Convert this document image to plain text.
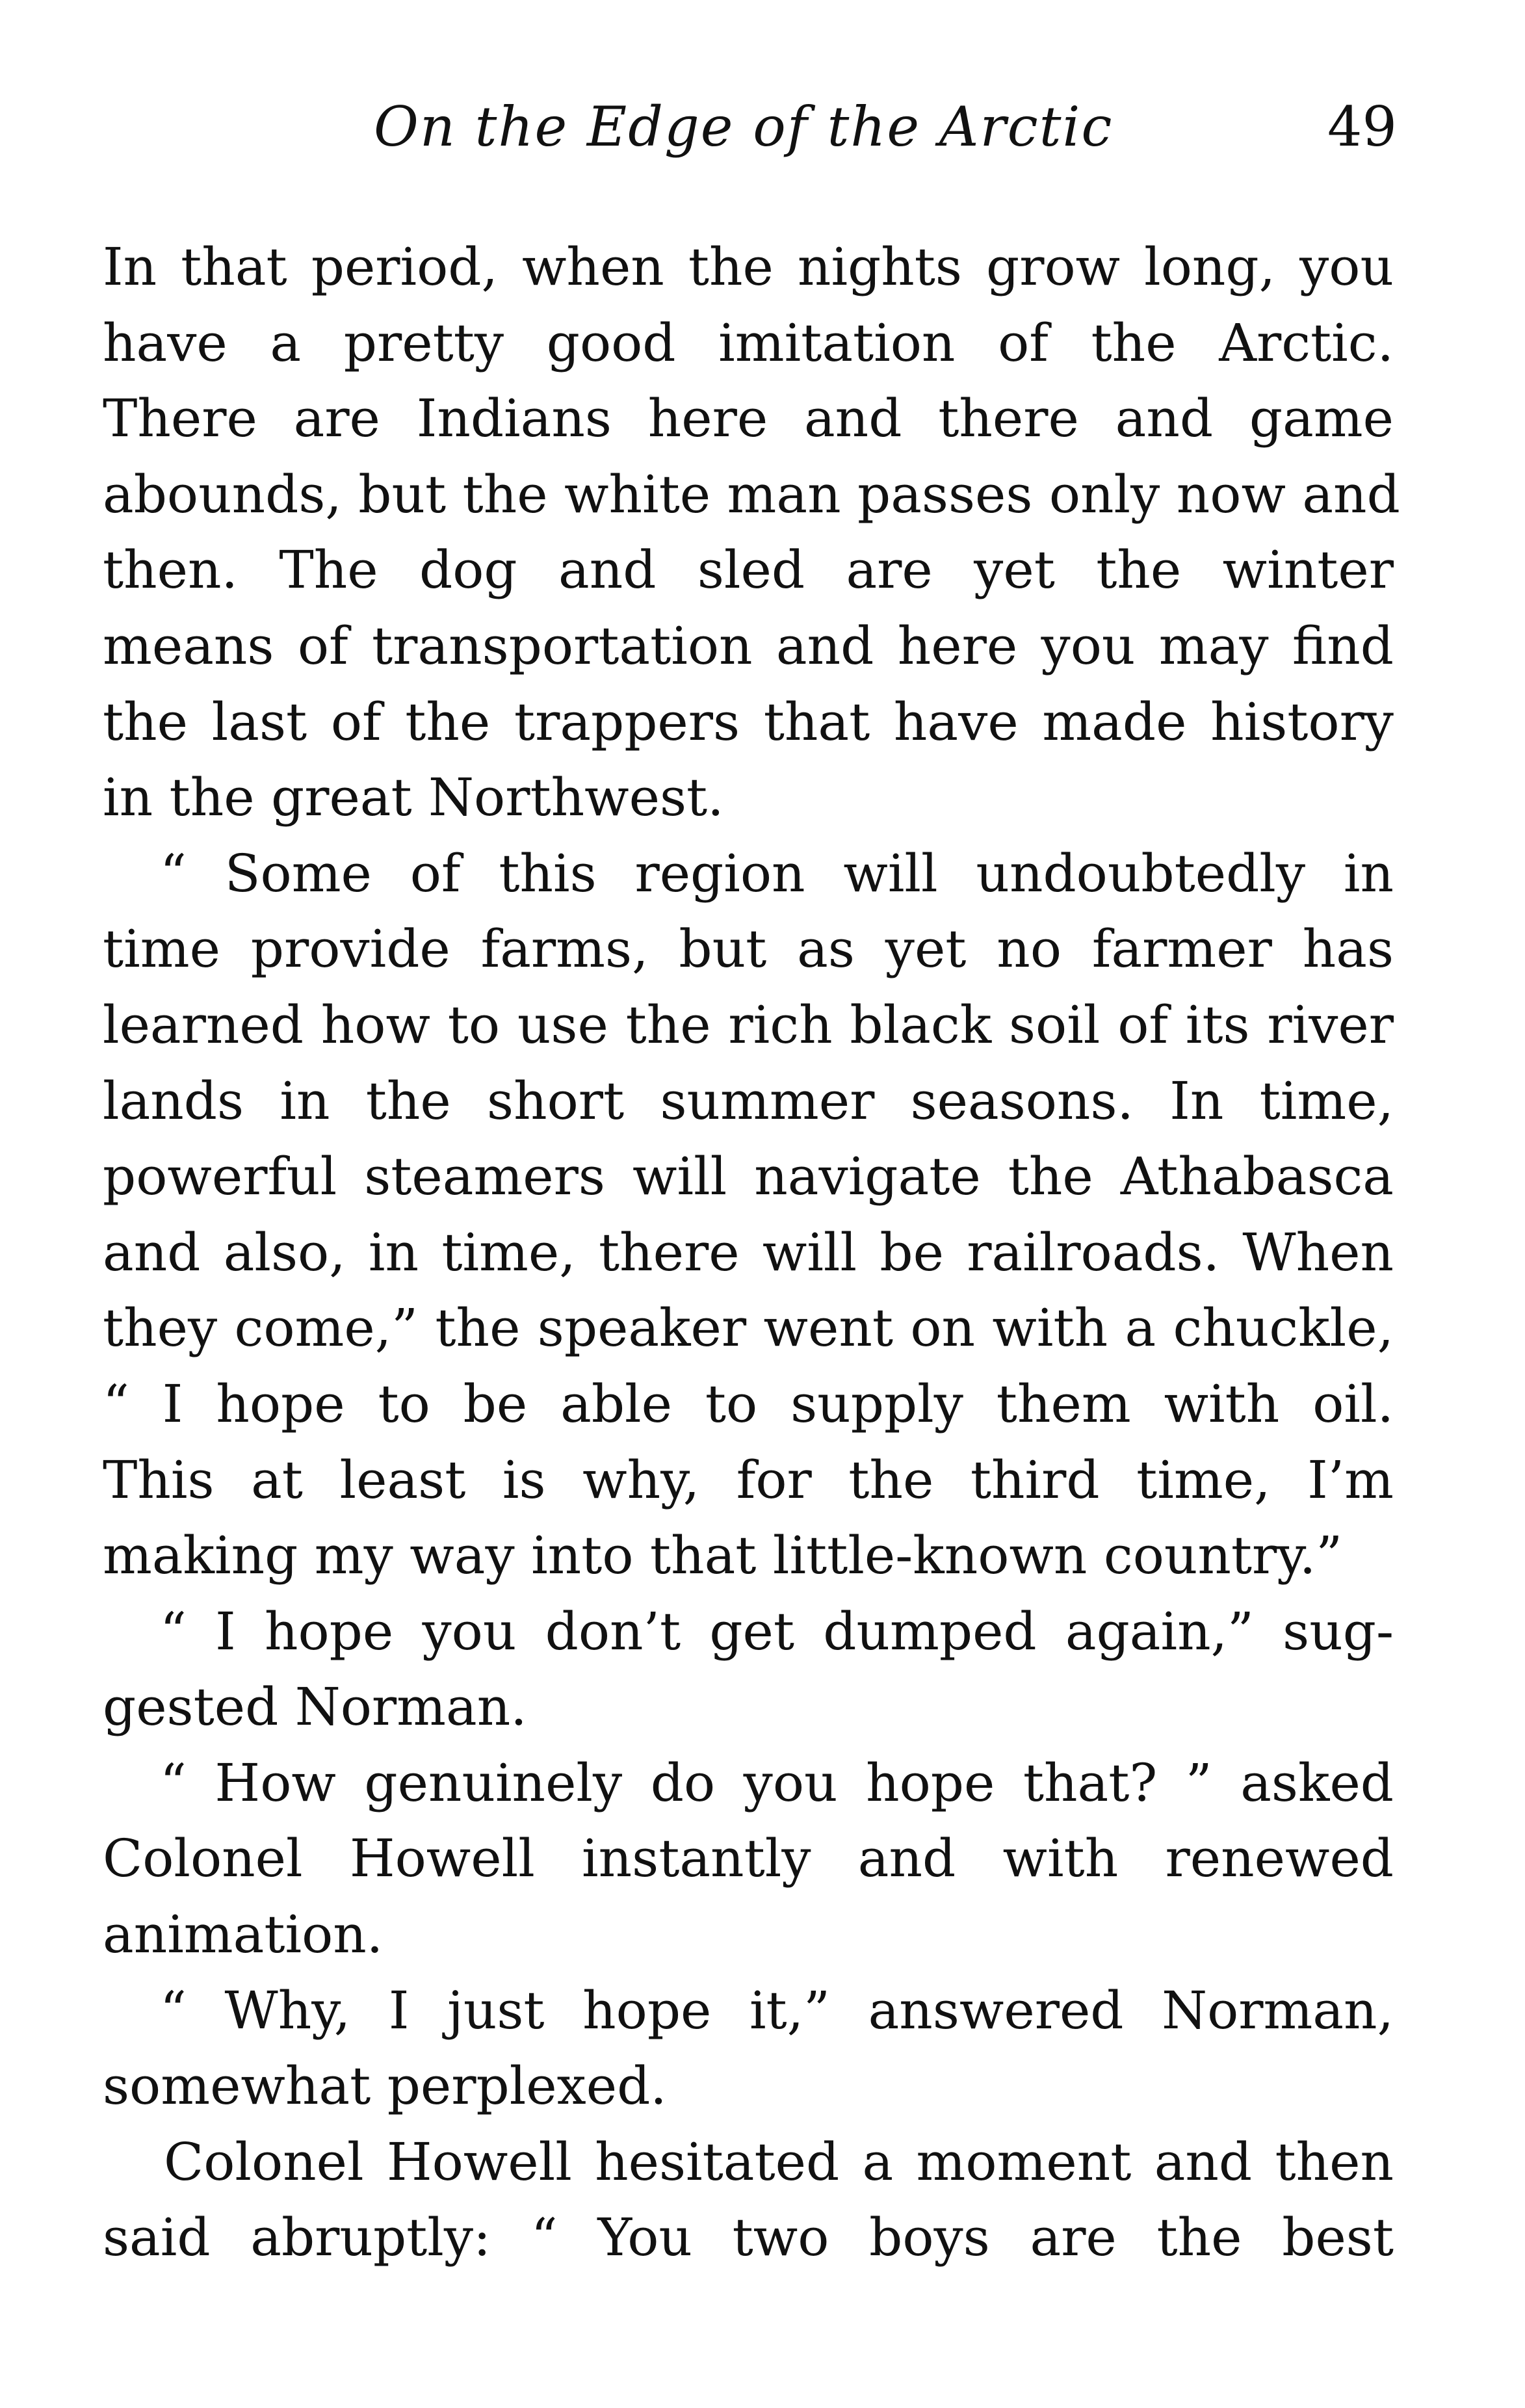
On the Edge of the Arctic	49
In that period, when the nights grow long, you
have a pretty good imitation of the Arctic.
There are Indians here and there and game
abounds, but the white man passes only now and
then. The dog and sled are yet the winter
means of transportation and here you may find
the last of the trappers that have made history
in the great Northwest.
“ Some of this region will undoubtedly in
time provide farms, but as yet no farmer has
learned how to use the rich black soil of its river
lands in the short summer seasons. In time,
powerful steamers will navigate the Athabasca
and also, in time, there will be railroads. When
they come,” the speaker went on with a chuckle,
“ I hope to be able to supply them with oil.
This at least is why, for the third time, I’m
making my way into that little-known country.”
“ I hope you don’t get dumped again,” sug-
gested Norman.
“ How genuinely do you hope that? ” asked
Colonel Howell instantly and with renewed
animation.
“ Why, I just hope it,” answered Norman,
somewhat perplexed.
Colonel Howell hesitated a moment and then
said abruptly: “ You two boys are the best
